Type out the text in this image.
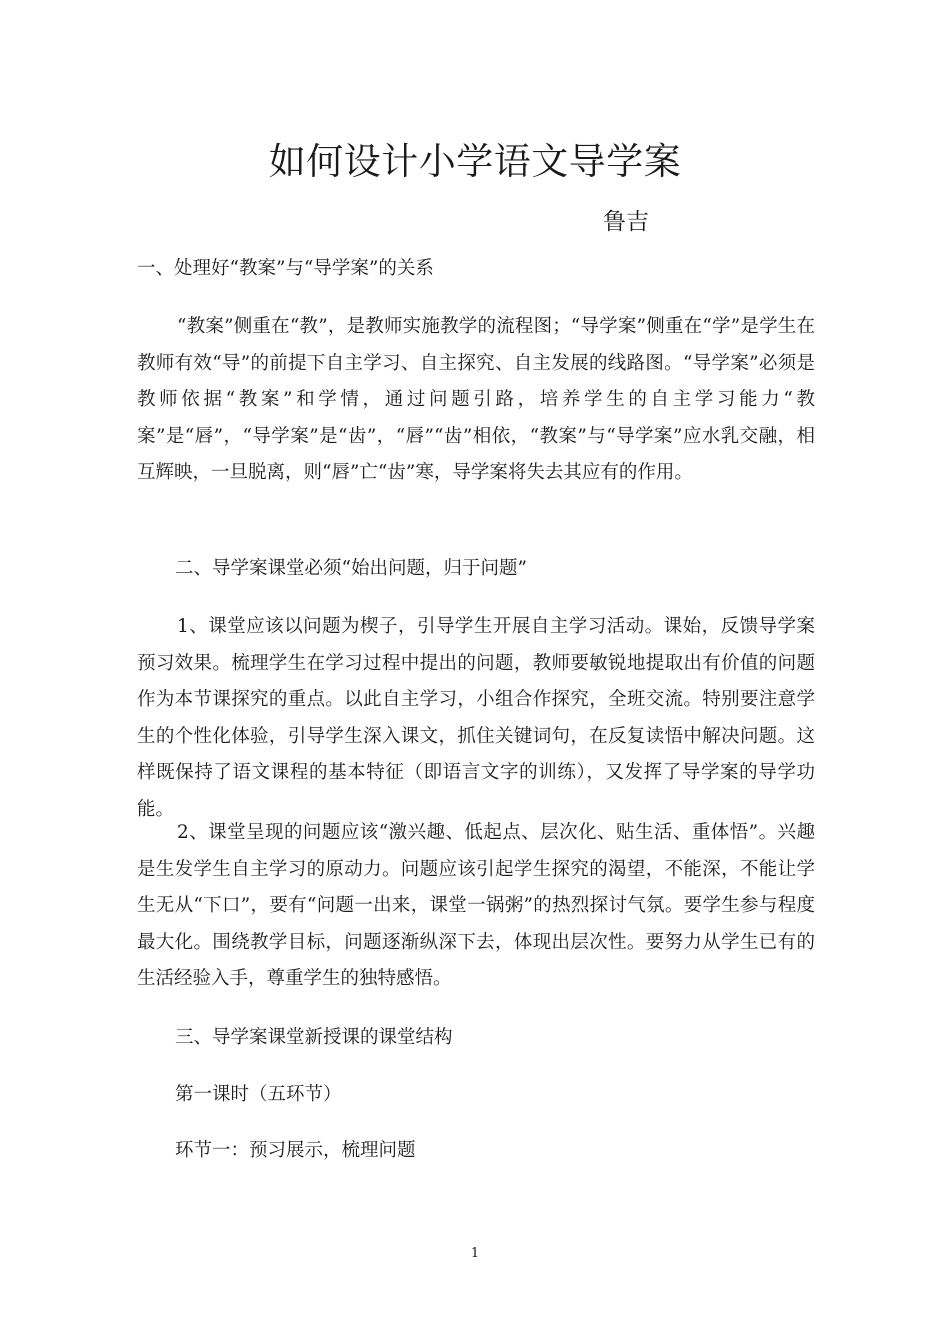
如何设计小学语文导学案
鲁吉
一、处理好“教案”与“导学案”的关系
“教案”侧重在“教”，是教师实施教学的流程图；“导学案”侧重在“学”是学生在教师有效“导”的前提下自主学习、自主探究、自主发展的线路图。“导学案”必须是教师依据“教案”和学情，通过问题引路，培养学生的自主学习能力“教案”是“唇”，“导学案”是“齿”，“唇”“齿”相依，“教案”与“导学案”应水乳交融，相互辉映，一旦脱离，则“唇”亡“齿”寒，导学案将失去其应有的作用。
二、导学案课堂必须“始出问题，归于问题”
1、课堂应该以问题为楔子，引导学生开展自主学习活动。课始，反馈导学案预习效果。梳理学生在学习过程中提出的问题，教师要敏锐地提取出有价值的问题作为本节课探究的重点。以此自主学习，小组合作探究，全班交流。特别要注意学生的个性化体验，引导学生深入课文，抓住关键词句，在反复读悟中解决问题。这样既保持了语文课程的基本特征（即语言文字的训练），又发挥了导学案的导学功能。
2、课堂呈现的问题应该“激兴趣、低起点、层次化、贴生活、重体悟”。兴趣是生发学生自主学习的原动力。问题应该引起学生探究的渴望，不能深，不能让学生无从“下口”，要有“问题一出来，课堂一锅粥”的热烈探讨气氛。要学生参与程度最大化。围绕教学目标，问题逐渐纵深下去，体现出层次性。要努力从学生已有的生活经验入手，尊重学生的独特感悟。
三、导学案课堂新授课的课堂结构
第一课时（五环节）
环节一：预习展示，梳理问题
1
